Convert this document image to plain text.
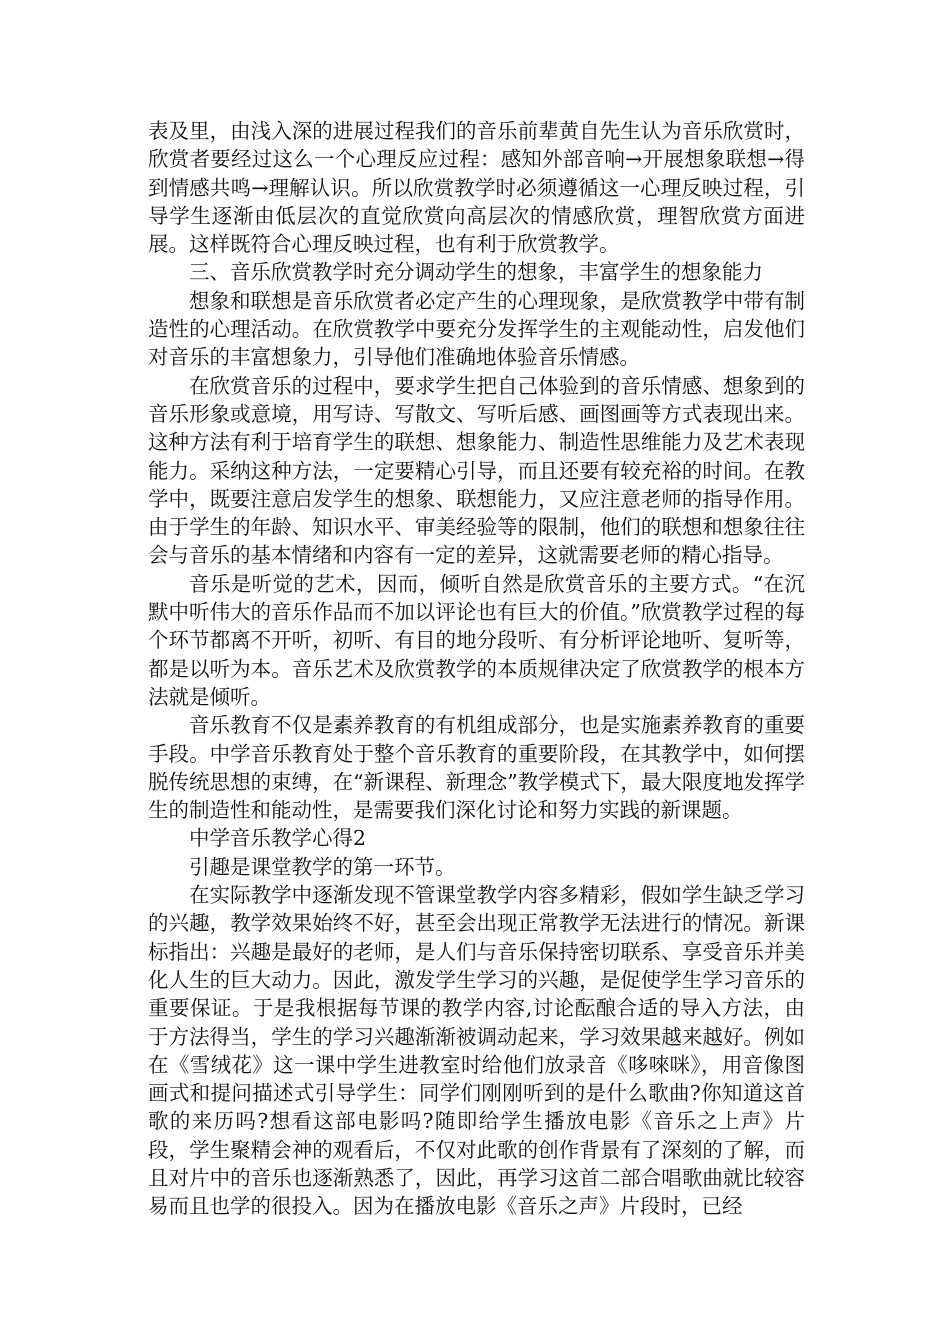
表及里，由浅入深的进展过程我们的音乐前辈黄自先生认为音乐欣赏时，欣赏者要经过这么一个心理反应过程：感知外部音响→开展想象联想→得到情感共鸣→理解认识。所以欣赏教学时必须遵循这一心理反映过程，引导学生逐渐由低层次的直觉欣赏向高层次的情感欣赏，理智欣赏方面进展。这样既符合心理反映过程，也有利于欣赏教学。

三、音乐欣赏教学时充分调动学生的想象，丰富学生的想象能力

想象和联想是音乐欣赏者必定产生的心理现象，是欣赏教学中带有制造性的心理活动。在欣赏教学中要充分发挥学生的主观能动性，启发他们对音乐的丰富想象力，引导他们准确地体验音乐情感。

在欣赏音乐的过程中，要求学生把自己体验到的音乐情感、想象到的音乐形象或意境，用写诗、写散文、写听后感、画图画等方式表现出来。这种方法有利于培育学生的联想、想象能力、制造性思维能力及艺术表现能力。采纳这种方法，一定要精心引导，而且还要有较充裕的时间。在教学中，既要注意启发学生的想象、联想能力，又应注意老师的指导作用。由于学生的年龄、知识水平、审美经验等的限制，他们的联想和想象往往会与音乐的基本情绪和内容有一定的差异，这就需要老师的精心指导。

音乐是听觉的艺术，因而，倾听自然是欣赏音乐的主要方式。“在沉默中听伟大的音乐作品而不加以评论也有巨大的价值。”欣赏教学过程的每个环节都离不开听，初听、有目的地分段听、有分析评论地听、复听等，都是以听为本。音乐艺术及欣赏教学的本质规律决定了欣赏教学的根本方法就是倾听。

音乐教育不仅是素养教育的有机组成部分，也是实施素养教育的重要手段。中学音乐教育处于整个音乐教育的重要阶段，在其教学中，如何摆脱传统思想的束缚，在“新课程、新理念”教学模式下，最大限度地发挥学生的制造性和能动性，是需要我们深化讨论和努力实践的新课题。

中学音乐教学心得2

引趣是课堂教学的第一环节。

在实际教学中逐渐发现不管课堂教学内容多精彩，假如学生缺乏学习的兴趣，教学效果始终不好，甚至会出现正常教学无法进行的情况。新课标指出：兴趣是最好的老师，是人们与音乐保持密切联系、享受音乐并美化人生的巨大动力。因此，激发学生学习的兴趣，是促使学生学习音乐的重要保证。于是我根据每节课的教学内容,讨论酝酿合适的导入方法，由于方法得当，学生的学习兴趣渐渐被调动起来，学习效果越来越好。例如在《雪绒花》这一课中学生进教室时给他们放录音《哆唻咪》，用音像图画式和提问描述式引导学生：同学们刚刚听到的是什么歌曲?你知道这首歌的来历吗?想看这部电影吗?随即给学生播放电影《音乐之上声》片段，学生聚精会神的观看后，不仅对此歌的创作背景有了深刻的了解，而且对片中的音乐也逐渐熟悉了，因此，再学习这首二部合唱歌曲就比较容易而且也学的很投入。因为在播放电影《音乐之声》片段时，已经
